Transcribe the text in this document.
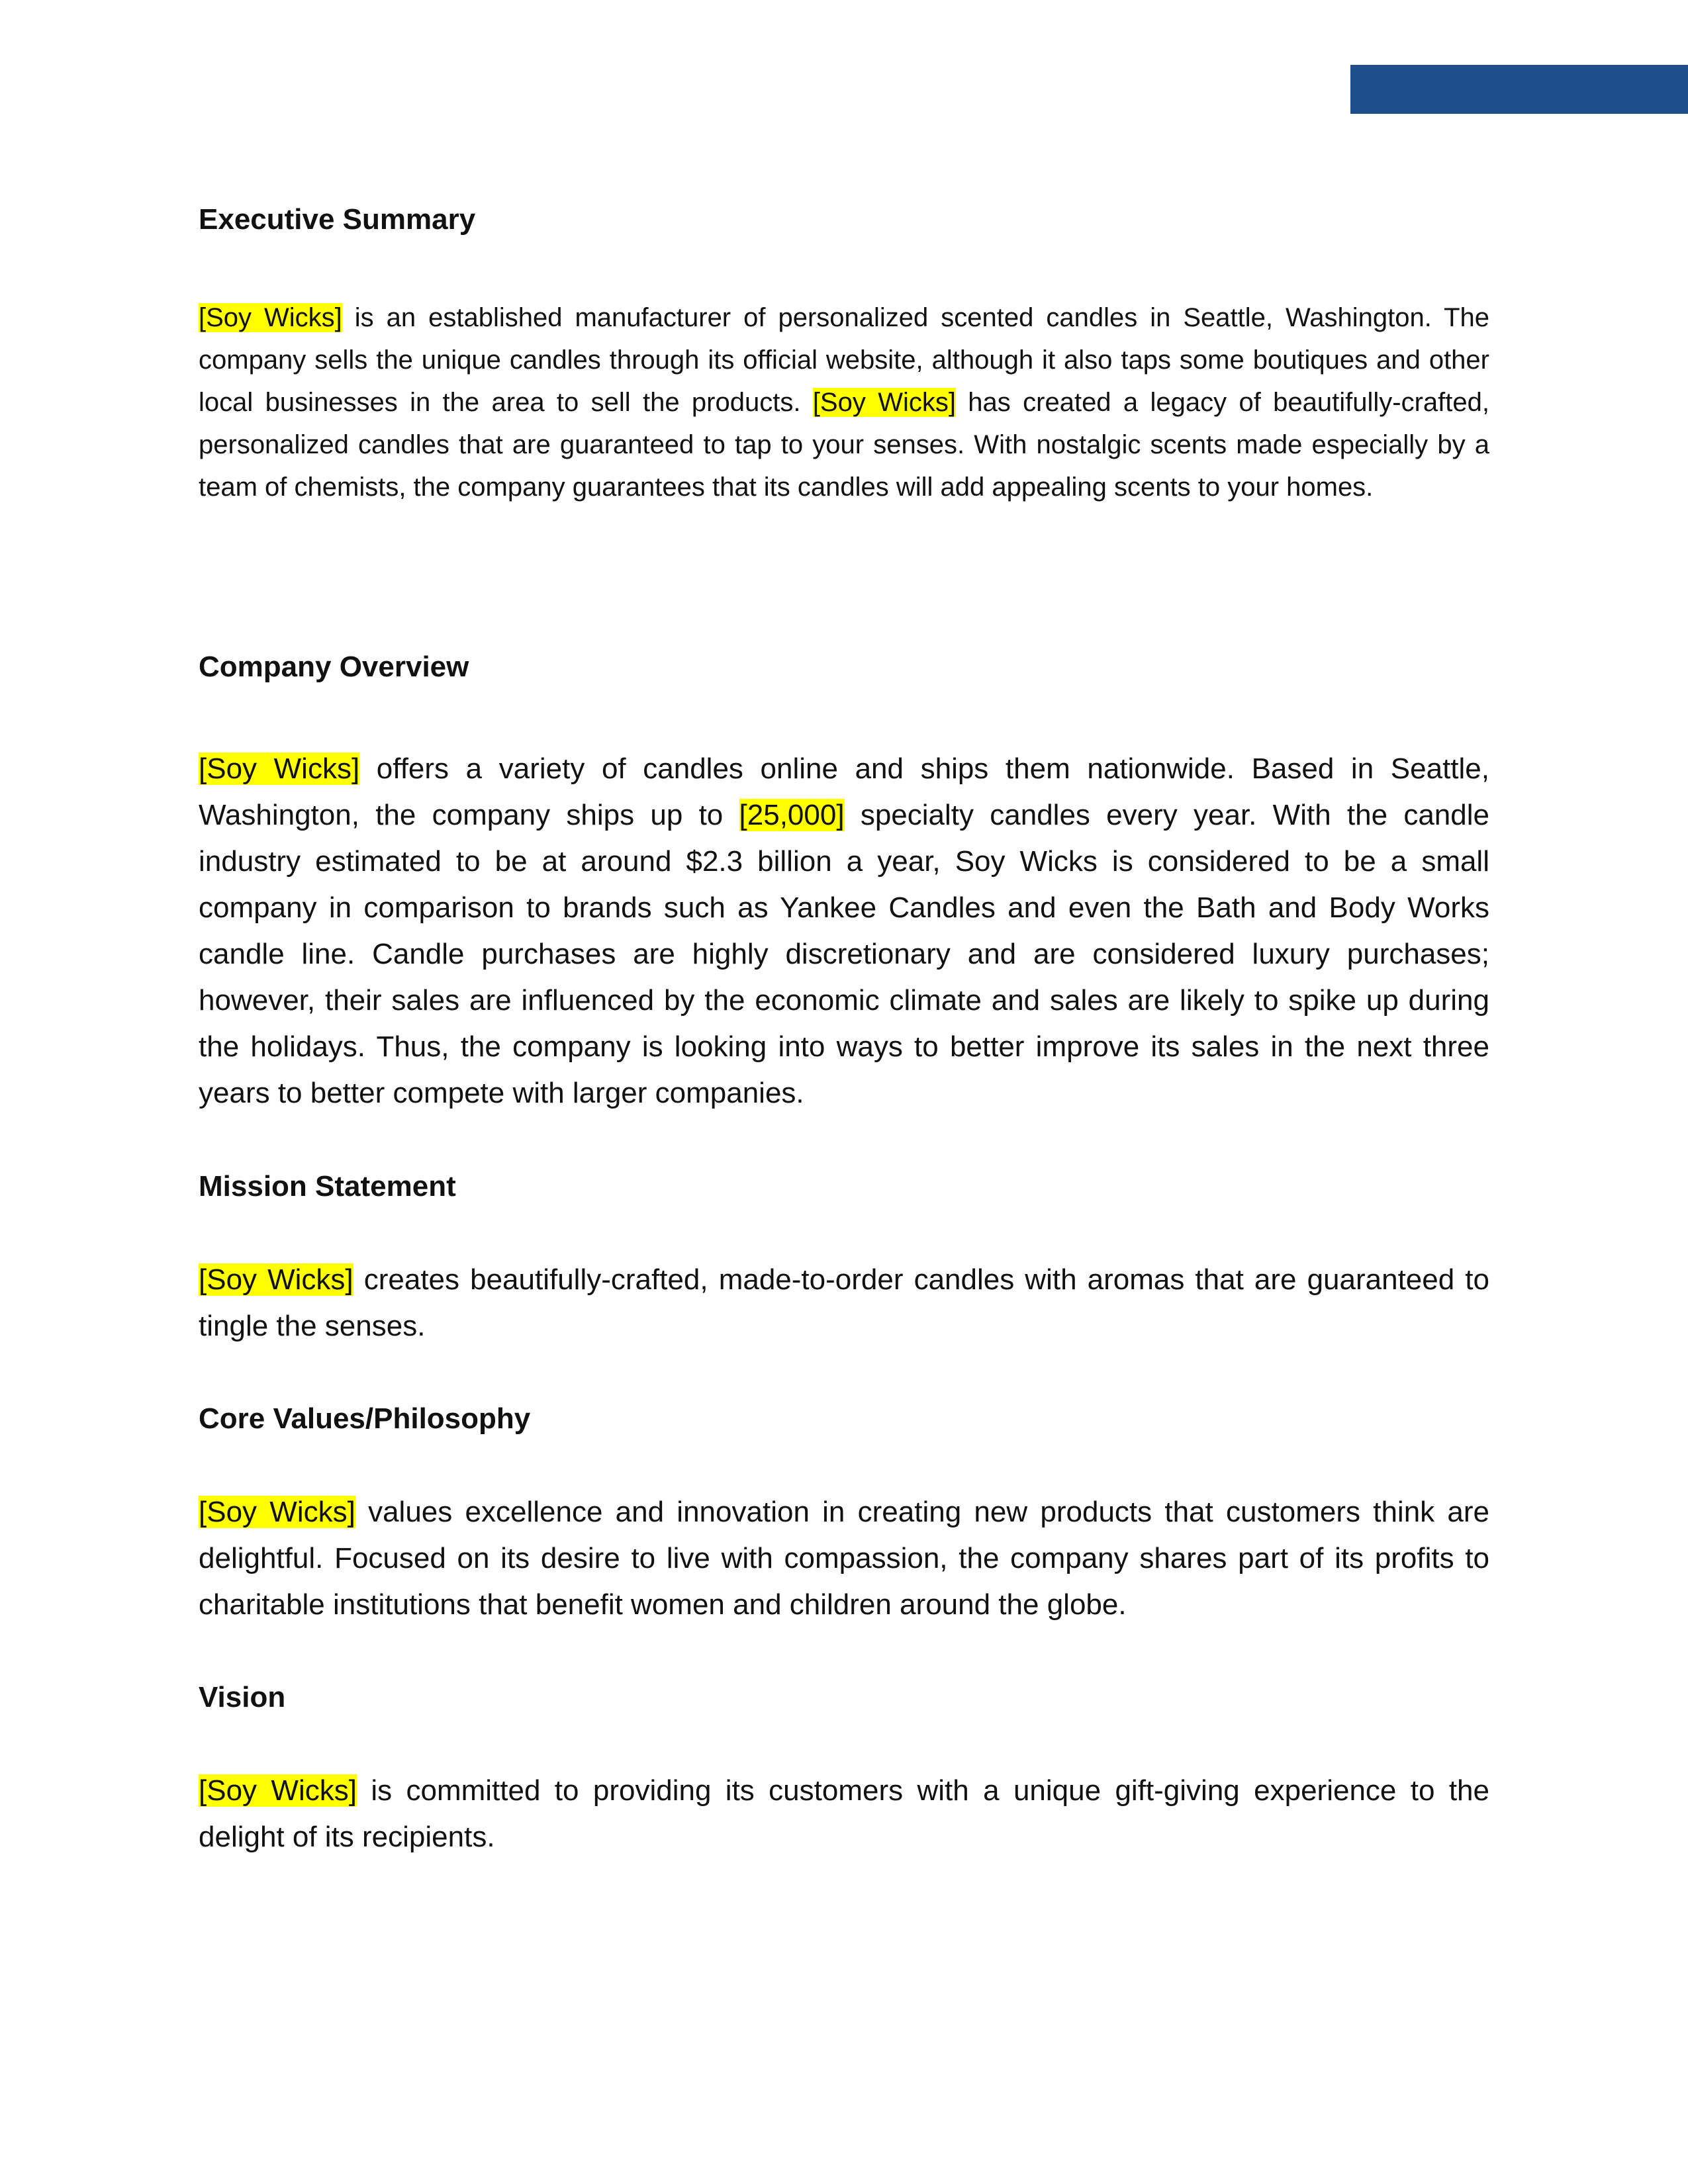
Executive Summary

[Soy Wicks] is an established manufacturer of personalized scented candles in Seattle, Washington. The company sells the unique candles through its official website, although it also taps some boutiques and other local businesses in the area to sell the products. [Soy Wicks] has created a legacy of beautifully-crafted, personalized candles that are guaranteed to tap to your senses. With nostalgic scents made especially by a team of chemists, the company guarantees that its candles will add appealing scents to your homes.

Company Overview

[Soy Wicks] offers a variety of candles online and ships them nationwide. Based in Seattle, Washington, the company ships up to [25,000] specialty candles every year. With the candle industry estimated to be at around $2.3 billion a year, Soy Wicks is considered to be a small company in comparison to brands such as Yankee Candles and even the Bath and Body Works candle line. Candle purchases are highly discretionary and are considered luxury purchases; however, their sales are influenced by the economic climate and sales are likely to spike up during the holidays. Thus, the company is looking into ways to better improve its sales in the next three years to better compete with larger companies.

Mission Statement

[Soy Wicks] creates beautifully-crafted, made-to-order candles with aromas that are guaranteed to tingle the senses.

Core Values/Philosophy

[Soy Wicks] values excellence and innovation in creating new products that customers think are delightful. Focused on its desire to live with compassion, the company shares part of its profits to charitable institutions that benefit women and children around the globe.

Vision

[Soy Wicks] is committed to providing its customers with a unique gift-giving experience to the delight of its recipients.
